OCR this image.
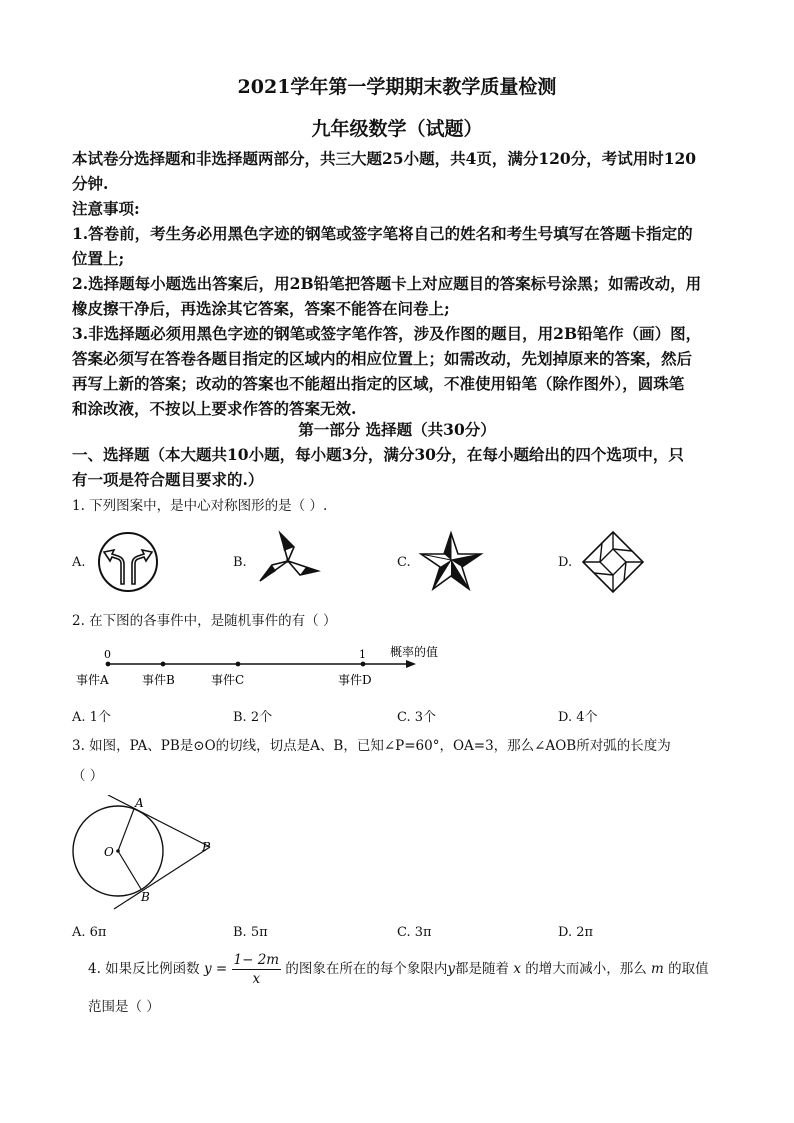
2021学年第一学期期末教学质量检测
九年级数学（试题）
本试卷分选择题和非选择题两部分，共三大题25小题，共4页，满分120分，考试用时120
分钟.
注意事项:
1.答卷前，考生务必用黑色字迹的钢笔或签字笔将自己的姓名和考生号填写在答题卡指定的
位置上;
2.选择题每小题选出答案后，用2B铅笔把答题卡上对应题目的答案标号涂黑；如需改动，用
橡皮擦干净后，再选涂其它答案，答案不能答在问卷上;
3.非选择题必须用黑色字迹的钢笔或签字笔作答，涉及作图的题目，用2B铅笔作（画）图，
答案必须写在答卷各题目指定的区域内的相应位置上；如需改动，先划掉原来的答案，然后
再写上新的答案；改动的答案也不能超出指定的区域，不准使用铅笔（除作图外），圆珠笔
和涂改液，不按以上要求作答的答案无效.
第一部分 选择题（共30分）
一、选择题（本大题共10小题，每小题3分，满分30分，在每小题给出的四个选项中，只
有一项是符合题目要求的.）
1. 下列图案中，是中心对称图形的是（ ）.
A.	B.	C.	D.
2. 在下图的各事件中，是随机事件的有（ ）
0	1 概率的值
事件A	事件B	事件C	事件D
A. 1个	B. 2个	C. 3个	D. 4个
3. 如图，PA、PB是⊙O的切线，切点是A、B，已知∠P=60°，OA=3，那么∠AOB所对弧的长度为
（ ）
A
B
O	P
A. 6π	B. 5π	C. 3π	D. 2π
4. 如果反比例函数 $y = \frac{1- 2m}{x}$ 的图象在所在的每个象限内y都是随着 x 的增大而减小，那么 m 的取值
范围是（ ）
